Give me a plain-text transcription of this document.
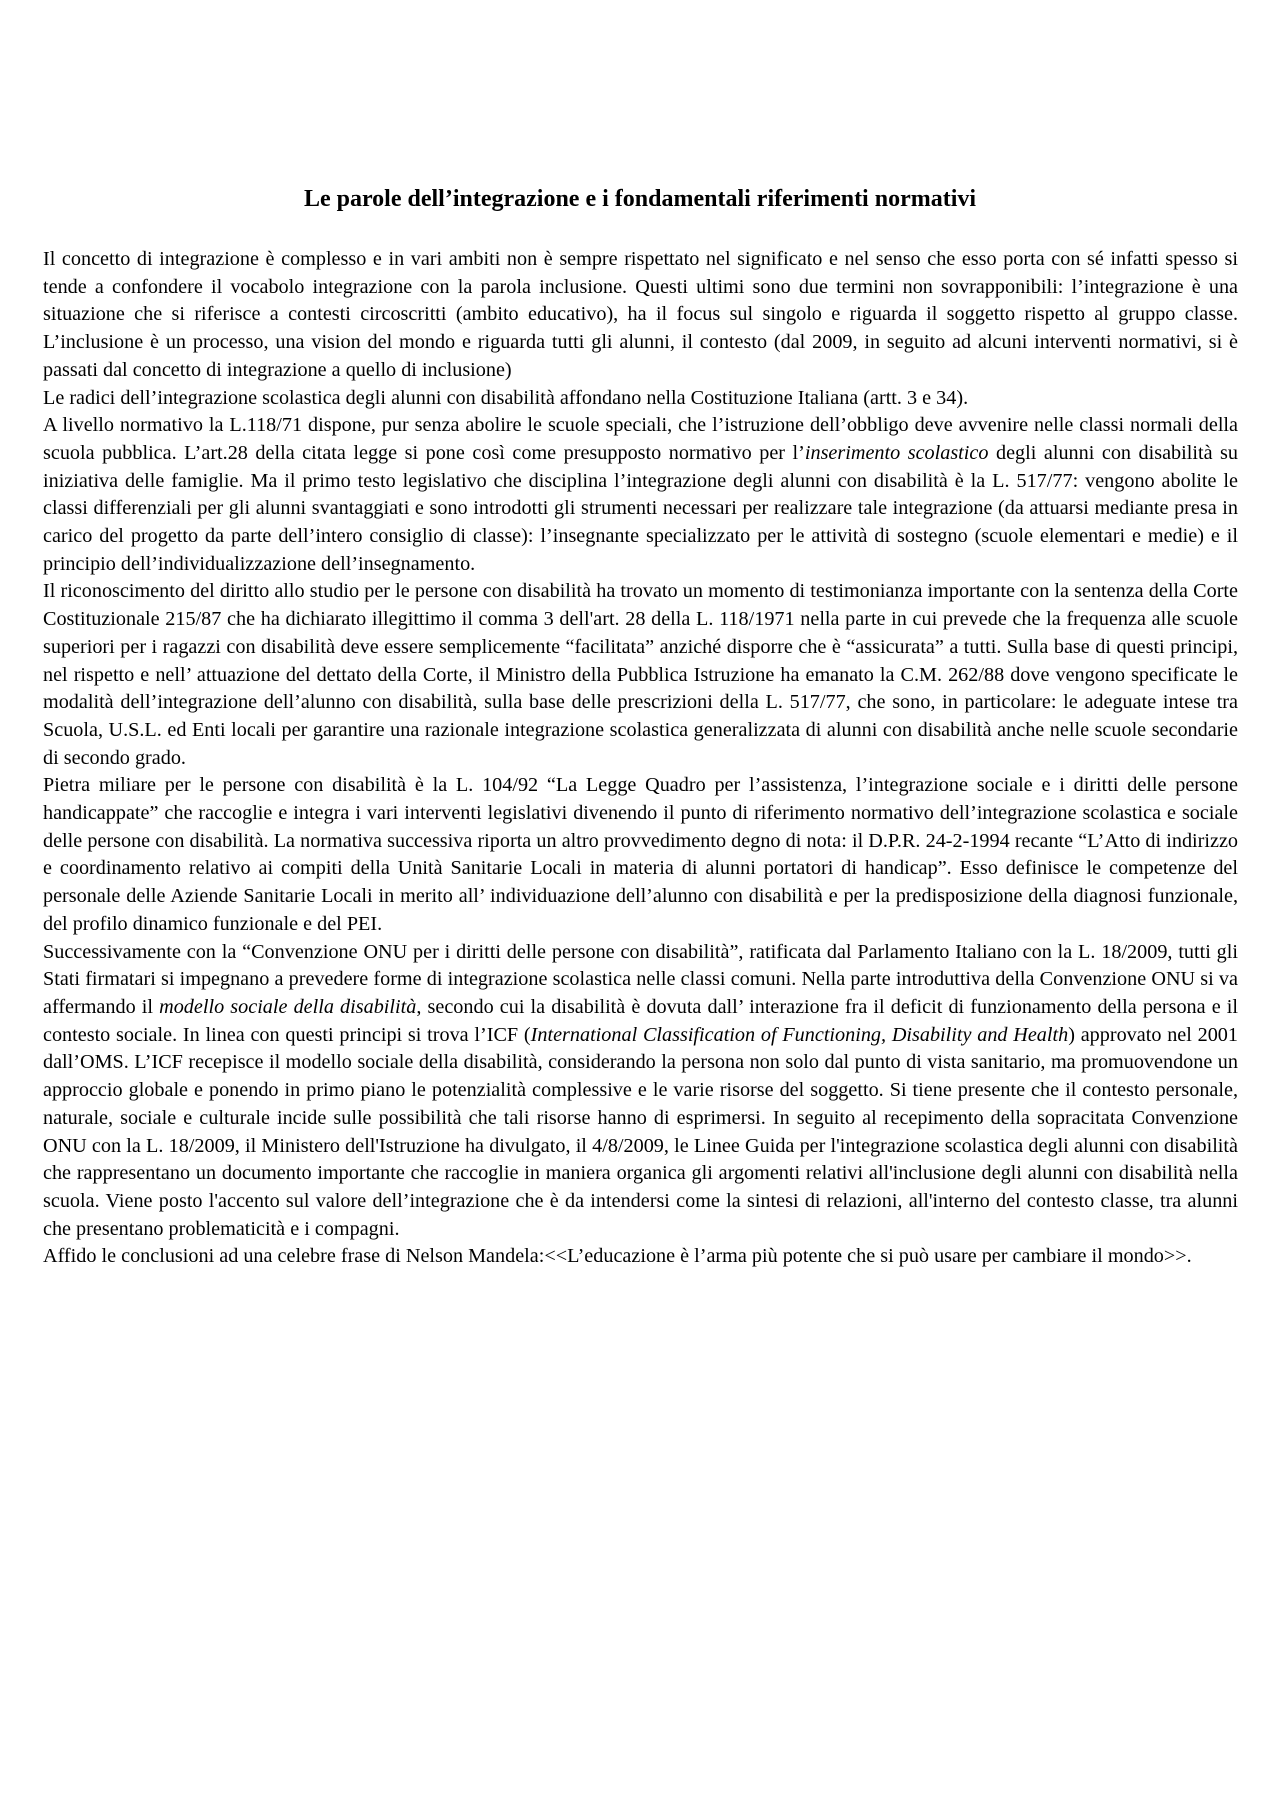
Le parole dell’integrazione e i fondamentali riferimenti normativi

Il concetto di integrazione è complesso e in vari ambiti non è sempre rispettato nel significato e nel senso che esso porta con sé infatti spesso si tende a confondere il vocabolo integrazione con la parola inclusione. Questi ultimi sono due termini non sovrapponibili: l’integrazione è una situazione che si riferisce a contesti circoscritti (ambito educativo), ha il focus sul singolo e riguarda il soggetto rispetto al gruppo classe. L’inclusione è un processo, una vision del mondo e riguarda tutti gli alunni, il contesto (dal 2009, in seguito ad alcuni interventi normativi, si è passati dal concetto di integrazione a quello di inclusione)

Le radici dell’integrazione scolastica degli alunni con disabilità affondano nella Costituzione Italiana (artt. 3 e 34).

A livello normativo la L.118/71 dispone, pur senza abolire le scuole speciali, che l’istruzione dell’obbligo deve avvenire nelle classi normali della scuola pubblica. L’art.28 della citata legge si pone così come presupposto normativo per l’inserimento scolastico degli alunni con disabilità su iniziativa delle famiglie. Ma il primo testo legislativo che disciplina l’integrazione degli alunni con disabilità è la L. 517/77: vengono abolite le classi differenziali per gli alunni svantaggiati e sono introdotti gli strumenti necessari per realizzare tale integrazione (da attuarsi mediante presa in carico del progetto da parte dell’intero consiglio di classe): l’insegnante specializzato per le attività di sostegno (scuole elementari e medie) e il principio dell’individualizzazione dell’insegnamento.

Il riconoscimento del diritto allo studio per le persone con disabilità ha trovato un momento di testimonianza importante con la sentenza della Corte Costituzionale 215/87 che ha dichiarato illegittimo il comma 3 dell'art. 28 della L. 118/1971 nella parte in cui prevede che la frequenza alle scuole superiori per i ragazzi con disabilità deve essere semplicemente “facilitata” anziché disporre che è “assicurata” a tutti. Sulla base di questi principi, nel rispetto e nell’ attuazione del dettato della Corte, il Ministro della Pubblica Istruzione ha emanato la C.M. 262/88 dove vengono specificate le modalità dell’integrazione dell’alunno con disabilità, sulla base delle prescrizioni della L. 517/77, che sono, in particolare: le adeguate intese tra Scuola, U.S.L. ed Enti locali per garantire una razionale integrazione scolastica generalizzata di alunni con disabilità anche nelle scuole secondarie di secondo grado.

Pietra miliare per le persone con disabilità è la L. 104/92 “La Legge Quadro per l’assistenza, l’integrazione sociale e i diritti delle persone handicappate” che raccoglie e integra i vari interventi legislativi divenendo il punto di riferimento normativo dell’integrazione scolastica e sociale delle persone con disabilità. La normativa successiva riporta un altro provvedimento degno di nota: il D.P.R. 24-2-1994 recante “L’Atto di indirizzo e coordinamento relativo ai compiti della Unità Sanitarie Locali in materia di alunni portatori di handicap”. Esso definisce le competenze del personale delle Aziende Sanitarie Locali in merito all’ individuazione dell’alunno con disabilità e per la predisposizione della diagnosi funzionale, del profilo dinamico funzionale e del PEI.

Successivamente con la “Convenzione ONU per i diritti delle persone con disabilità”, ratificata dal Parlamento Italiano con la L. 18/2009, tutti gli Stati firmatari si impegnano a prevedere forme di integrazione scolastica nelle classi comuni. Nella parte introduttiva della Convenzione ONU si va affermando il modello sociale della disabilità, secondo cui la disabilità è dovuta dall’ interazione fra il deficit di funzionamento della persona e il contesto sociale. In linea con questi principi si trova l’ICF (International Classification of Functioning, Disability and Health) approvato nel 2001 dall’OMS. L’ICF recepisce il modello sociale della disabilità, considerando la persona non solo dal punto di vista sanitario, ma promuovendone un approccio globale e ponendo in primo piano le potenzialità complessive e le varie risorse del soggetto. Si tiene presente che il contesto personale, naturale, sociale e culturale incide sulle possibilità che tali risorse hanno di esprimersi. In seguito al recepimento della sopracitata Convenzione ONU con la L. 18/2009, il Ministero dell'Istruzione ha divulgato, il 4/8/2009, le Linee Guida per l'integrazione scolastica degli alunni con disabilità che rappresentano un documento importante che raccoglie in maniera organica gli argomenti relativi all'inclusione degli alunni con disabilità nella scuola. Viene posto l'accento sul valore dell’integrazione che è da intendersi come la sintesi di relazioni, all'interno del contesto classe, tra alunni che presentano problematicità e i compagni.

Affido le conclusioni ad una celebre frase di Nelson Mandela:<<L’educazione è l’arma più potente che si può usare per cambiare il mondo>>.
